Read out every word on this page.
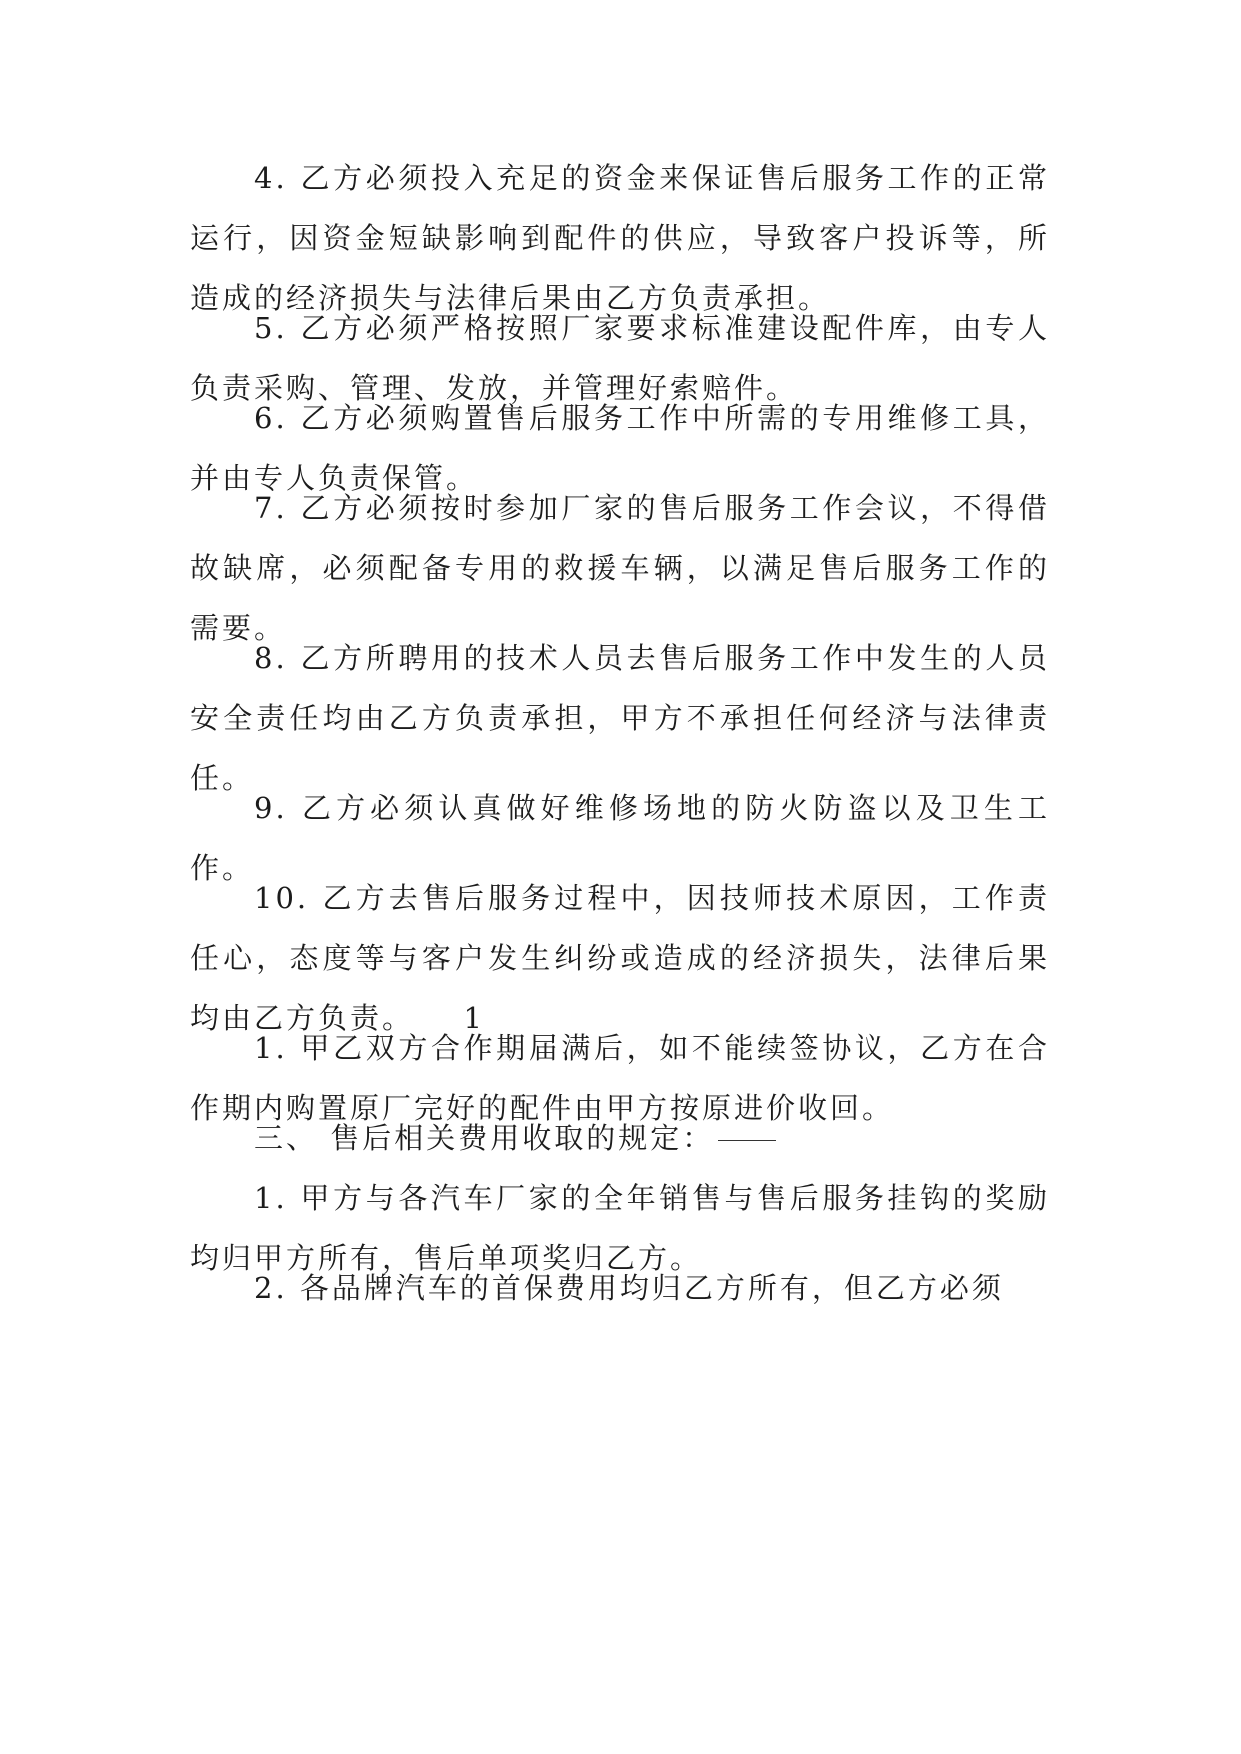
4. 乙方必须投入充足的资金来保证售后服务工作的正常运行，因资金短缺影响到配件的供应，导致客户投诉等，所造成的经济损失与法律后果由乙方负责承担。

5. 乙方必须严格按照厂家要求标准建设配件库，由专人负责采购、管理、发放，并管理好索赔件。

6. 乙方必须购置售后服务工作中所需的专用维修工具，并由专人负责保管。

7. 乙方必须按时参加厂家的售后服务工作会议，不得借故缺席，必须配备专用的救援车辆，以满足售后服务工作的需要。

8. 乙方所聘用的技术人员去售后服务工作中发生的人员安全责任均由乙方负责承担，甲方不承担任何经济与法律责任。

9. 乙方必须认真做好维修场地的防火防盗以及卫生工作。

10. 乙方去售后服务过程中，因技师技术原因，工作责任心，态度等与客户发生纠纷或造成的经济损失，法律后果均由乙方负责。　　1

1. 甲乙双方合作期届满后，如不能续签协议，乙方在合作期内购置原厂完好的配件由甲方按原进价收回。

三、 售后相关费用收取的规定：

1. 甲方与各汽车厂家的全年销售与售后服务挂钩的奖励均归甲方所有，售后单项奖归乙方。

2. 各品牌汽车的首保费用均归乙方所有，但乙方必须
